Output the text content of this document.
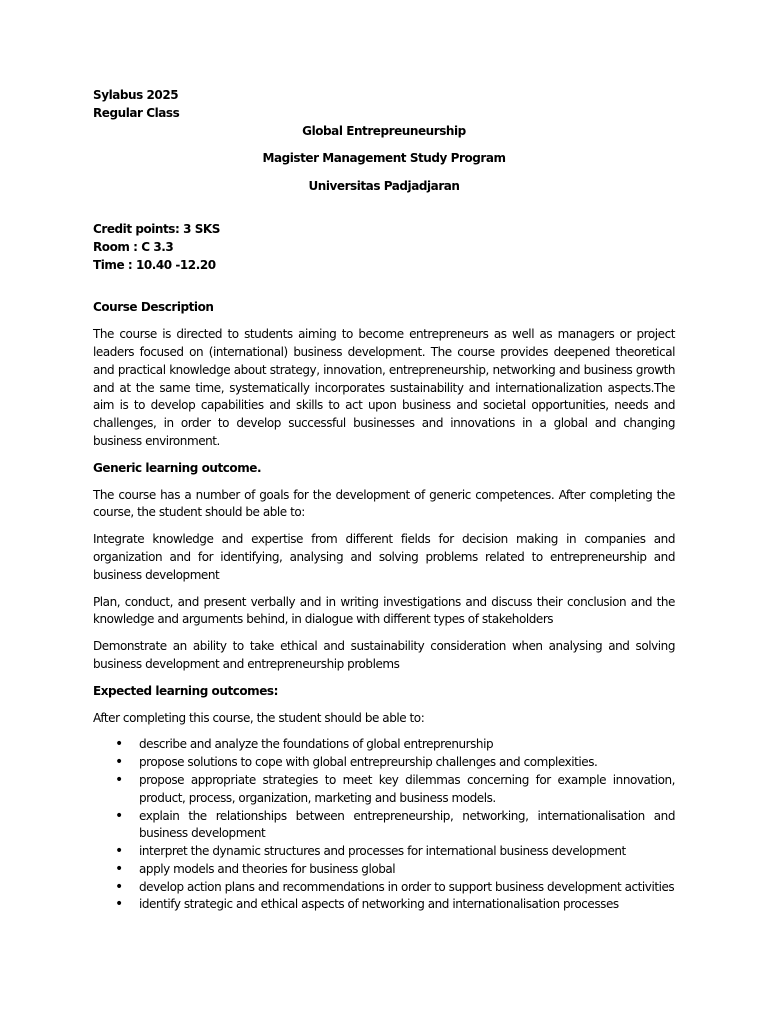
Sylabus 2025
Regular Class
Global Entrepreuneurship
Magister Management Study Program
Universitas Padjadjaran
Credit points: 3 SKS
Room : C 3.3
Time : 10.40 -12.20
Course Description

The course is directed to students aiming to become entrepreneurs as well as managers or project leaders focused on (international) business development. The course provides deepened theoretical and practical knowledge about strategy, innovation, entrepreneurship, networking and business growth and at the same time, systematically incorporates sustainability and internationalization aspects.The aim is to develop capabilities and skills to act upon business and societal opportunities, needs and challenges, in order to develop successful businesses and innovations in a global and changing business environment.

Generic learning outcome.

The course has a number of goals for the development of generic competences. After completing the course, the student should be able to:

Integrate knowledge and expertise from different fields for decision making in companies and organization and for identifying, analysing and solving problems related to entrepreneurship and business development

Plan, conduct, and present verbally and in writing investigations and discuss their conclusion and the knowledge and arguments behind, in dialogue with different types of stakeholders

Demonstrate an ability to take ethical and sustainability consideration when analysing and solving business development and entrepreneurship problems

Expected learning outcomes:

After completing this course, the student should be able to:

• describe and analyze the foundations of global entreprenurship
• propose solutions to cope with global entrepreurship challenges and complexities.
• propose appropriate strategies to meet key dilemmas concerning for example innovation, product, process, organization, marketing and business models.
• explain the relationships between entrepreneurship, networking, internationalisation and business development
• interpret the dynamic structures and processes for international business development
• apply models and theories for business global
• develop action plans and recommendations in order to support business development activities
• identify strategic and ethical aspects of networking and internationalisation processes
